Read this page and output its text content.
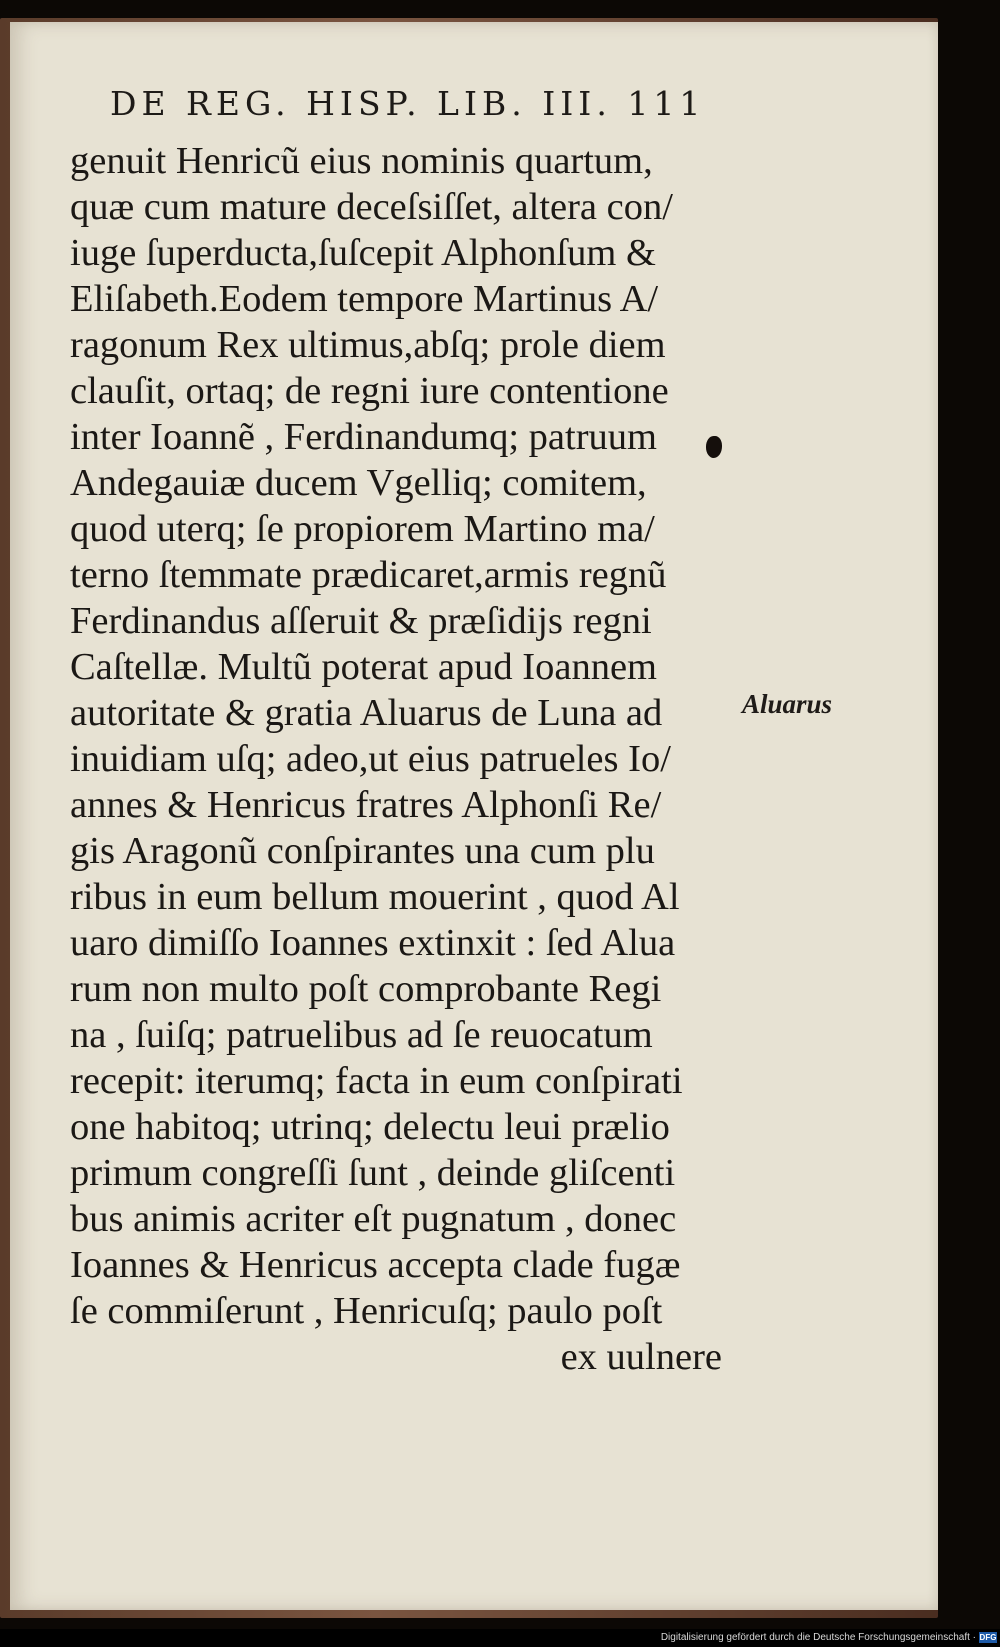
DE REG. HISP. LIB. III. 111
genuit Henricũ eius nominis quartum,
quæ cum mature deceſsiſſet, altera con/
iuge ſuperducta,ſuſcepit Alphonſum &
Eliſabeth.Eodem tempore Martinus A/
ragonum Rex ultimus,abſq; prole diem
clauſit, ortaq; de regni iure contentione
inter Ioannẽ , Ferdinandumq; patruum
Andegauiæ ducem Vgelliq; comitem,
quod uterq; ſe propiorem Martino ma/
terno ſtemmate prædicaret,armis regnũ
Ferdinandus aſſeruit & præſidijs regni
Caſtellæ. Multũ poterat apud Ioannem
autoritate & gratia Aluarus de Luna ad
inuidiam uſq; adeo,ut eius patrueles Io/
annes & Henricus fratres Alphonſi Re/
gis Aragonũ conſpirantes una cum plu
ribus in eum bellum mouerint , quod Al
uaro dimiſſo Ioannes extinxit : ſed Alua
rum non multo poſt comprobante Regi
na , ſuiſq; patruelibus ad ſe reuocatum
recepit: iterumq; facta in eum conſpirati
one habitoq; utrinq; delectu leui prælio
primum congreſſi ſunt , deinde gliſcenti
bus animis acriter eſt pugnatum , donec
Ioannes & Henricus accepta clade fugæ
ſe commiſerunt , Henricuſq; paulo poſt
ex uulnere
Aluarus
Digitalisierung gefördert durch die Deutsche Forschungsgemeinschaft · DFG
